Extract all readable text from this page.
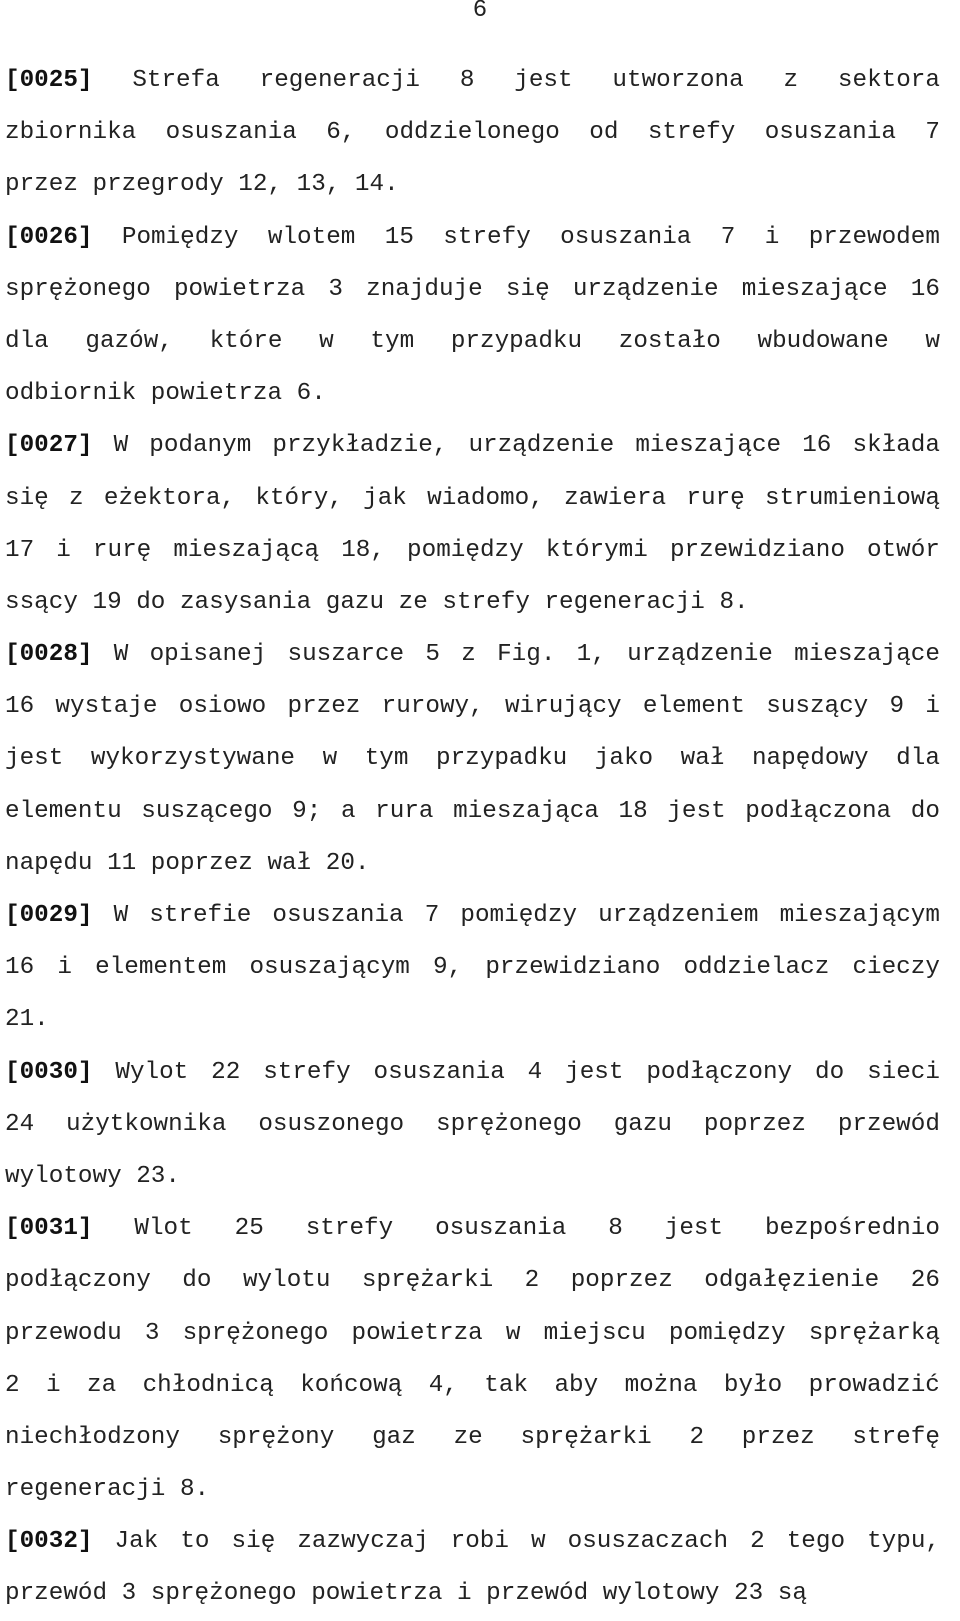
6
[0025] Strefa regeneracji 8 jest utworzona z sektora
zbiornika osuszania 6, oddzielonego od strefy osuszania 7
przez przegrody 12, 13, 14.
[0026] Pomiędzy wlotem 15 strefy osuszania 7 i przewodem
sprężonego powietrza 3 znajduje się urządzenie mieszające 16
dla gazów, które w tym przypadku zostało wbudowane w
odbiornik powietrza 6.
[0027] W podanym przykładzie, urządzenie mieszające 16 składa
się z eżektora, który, jak wiadomo, zawiera rurę strumieniową
17 i rurę mieszającą 18, pomiędzy którymi przewidziano otwór
ssący 19 do zasysania gazu ze strefy regeneracji 8.
[0028] W opisanej suszarce 5 z Fig. 1, urządzenie mieszające
16 wystaje osiowo przez rurowy, wirujący element suszący 9 i
jest wykorzystywane w tym przypadku jako wał napędowy dla
elementu suszącego 9; a rura mieszająca 18 jest podłączona do
napędu 11 poprzez wał 20.
[0029] W strefie osuszania 7 pomiędzy urządzeniem mieszającym
16 i elementem osuszającym 9, przewidziano oddzielacz cieczy
21.
[0030] Wylot 22 strefy osuszania 4 jest podłączony do sieci
24 użytkownika osuszonego sprężonego gazu poprzez przewód
wylotowy 23.
[0031] Wlot 25 strefy osuszania 8 jest bezpośrednio
podłączony do wylotu sprężarki 2 poprzez odgałęzienie 26
przewodu 3 sprężonego powietrza w miejscu pomiędzy sprężarką
2 i za chłodnicą końcową 4, tak aby można było prowadzić
niechłodzony sprężony gaz ze sprężarki 2 przez strefę
regeneracji 8.
[0032] Jak to się zazwyczaj robi w osuszaczach 2 tego typu,
przewód 3 sprężonego powietrza i przewód wylotowy 23 są
